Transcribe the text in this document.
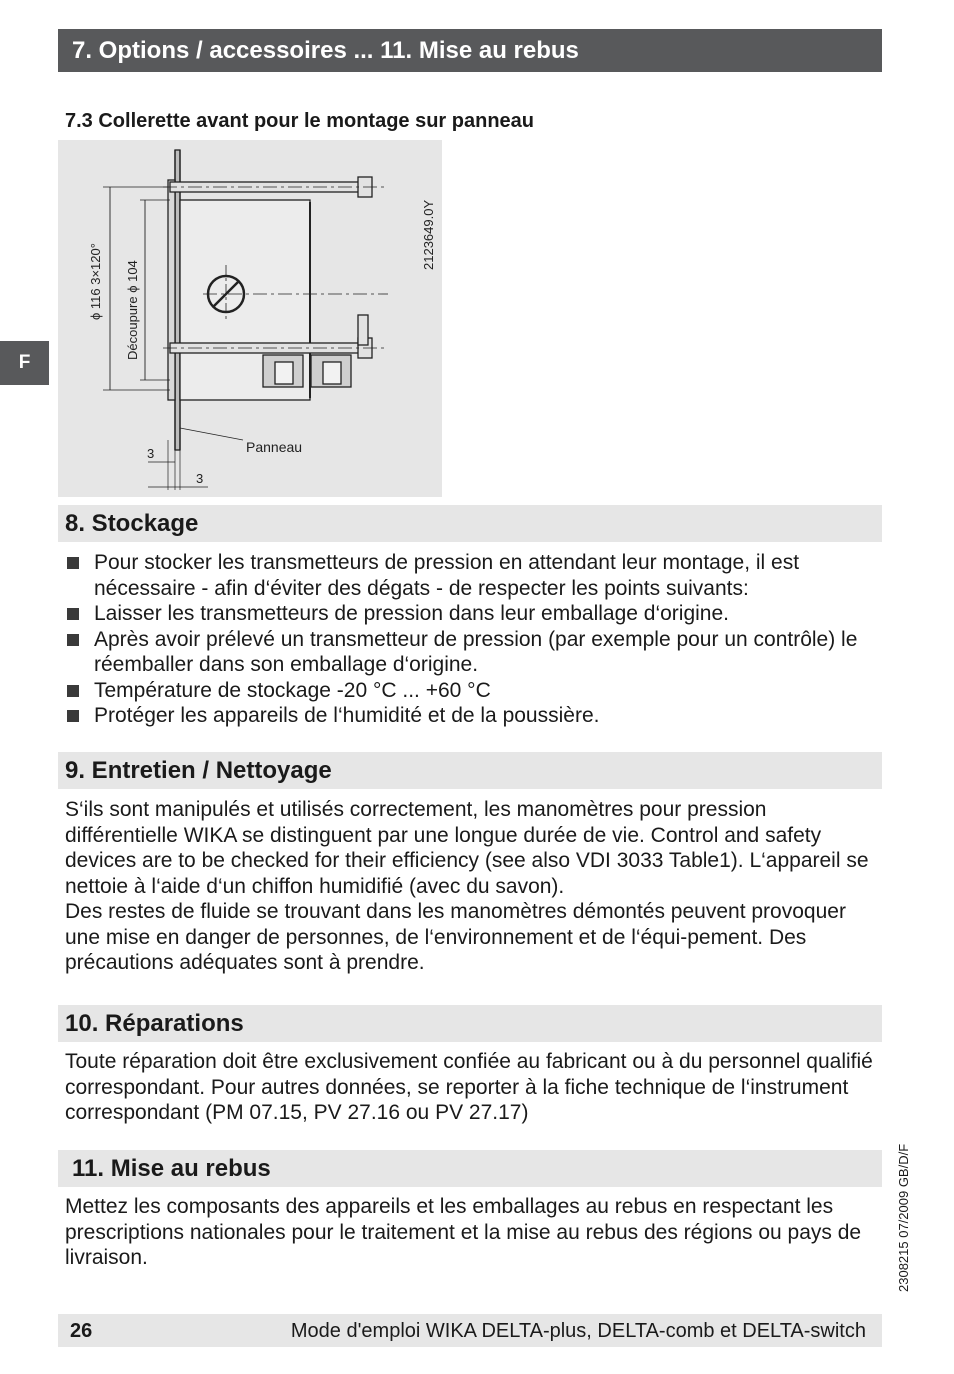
7. Options / accessoires ... 11. Mise au rebus
F
7.3 Collerette avant pour le montage sur panneau
ϕ 116 3×120° Découpure ϕ 104
2123649.0Y
3
3
Panneau
8. Stockage
Pour stocker les transmetteurs de pression en attendant leur montage, il est nécessaire - afin d‘éviter des dégats - de respecter les points suivants:
Laisser les transmetteurs de pression dans leur emballage d‘origine.
Après avoir prélevé un transmetteur de pression (par exemple pour un contrôle) le réemballer dans son emballage d‘origine.
Température de stockage -20 °C ... +60 °C
Protéger les appareils de l‘humidité et de la poussière.
9. Entretien / Nettoyage
S‘ils sont manipulés et utilisés correctement, les manomètres pour pression différentielle WIKA se distinguent par une longue durée de vie. Control and safety devices are to be checked for their efficiency (see also VDI 3033 Table1). L‘appareil se nettoie à l‘aide d‘un chiffon humidifié (avec du savon).
Des restes de fluide se trouvant dans les manomètres démontés peuvent provoquer une mise en danger de personnes, de l‘environnement et de l‘équi-pement. Des précautions adéquates sont à prendre.
10. Réparations
Toute réparation doit être exclusivement confiée au fabricant ou à du personnel qualifié correspondant. Pour autres données, se reporter à la fiche technique de l‘instrument correspondant (PM 07.15, PV 27.16 ou PV 27.17)
11. Mise au rebus
Mettez les composants des appareils et les emballages au rebus en respectant les prescriptions nationales pour le traitement et la mise au rebus des régions ou pays de livraison.	2308215 07/2009 GB/D/F
26	Mode d'emploi WIKA DELTA-plus, DELTA-comb et DELTA-switch
